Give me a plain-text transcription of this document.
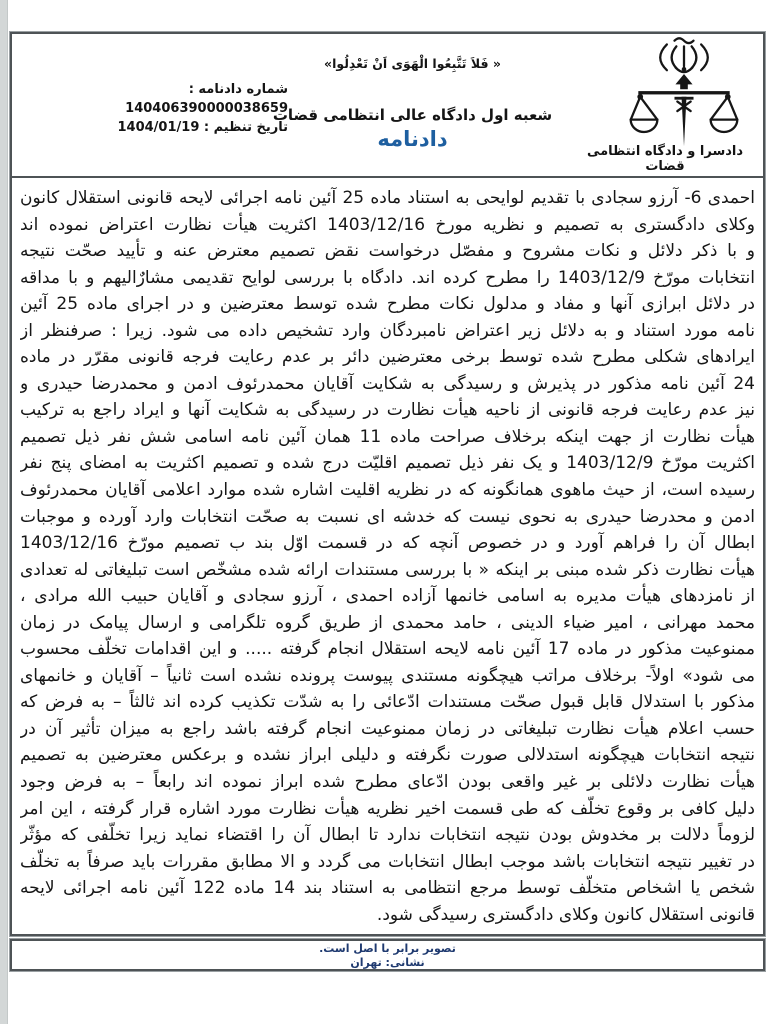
«فَلاَ تَتَّبِعُوا الْهَوَی اَنْ تَعْدِلُوا »
شماره دادنامه : 140406390000038659
تاریخ تنظیم : 1404/01/19
شعبه اول دادگاه عالی انتظامی قضات
دادنامه
دادسرا و دادگاه انتظامی قضات
احمدی 6- آرزو سجادی با تقدیم لوایحی به استناد ماده 25 آئین نامه اجرائی لایحه قانونی استقلال کانون
وکلای دادگستری به تصمیم و نظریه مورخ 1403/12/16 اکثریت هیأت نظارت اعتراض نموده اند
و با ذکر دلائل و نکات مشروح و مفصّل درخواست نقض تصمیم معترض عنه و تأیید صحّت نتیجه
انتخابات مورّخ 1403/12/9 را مطرح کرده اند. دادگاه با بررسی لوایح تقدیمی مشارٌالیهم و با مداقه
در دلائل ابرازی آنها و مفاد و مدلول نکات مطرح شده توسط معترضین و در اجرای ماده 25 آئین
نامه مورد استناد و به دلائل زیر اعتراض نامبردگان وارد تشخیص داده می شود. زیرا : صرفنظر از
ایرادهای شکلی مطرح شده توسط برخی معترضین دائر بر عدم رعایت فرجه قانونی مقرّر در ماده
24 آئین نامه مذکور در پذیرش و رسیدگی به شکایت آقایان محمدرئوف ادمن و محمدرضا حیدری و
نیز عدم رعایت فرجه قانونی از ناحیه هیأت نظارت در رسیدگی به شکایت آنها و ایراد راجع به ترکیب
هیأت نظارت از جهت اینکه برخلاف صراحت ماده 11 همان آئین نامه اسامی شش نفر ذیل تصمیم
اکثریت مورّخ 1403/12/9 و یک نفر ذیل تصمیم اقلیّت درج شده و تصمیم اکثریت به امضای پنج نفر
رسیده است، از حیث ماهوی همانگونه که در نظریه اقلیت اشاره شده موارد اعلامی آقایان محمدرئوف
ادمن و محدرضا حیدری به نحوی نیست که خدشه ای نسبت به صحّت انتخابات وارد آورده و موجبات
ابطال آن را فراهم آورد و در خصوص آنچه که در قسمت اوّل بند ب تصمیم مورّخ 1403/12/16
هیأت نظارت ذکر شده مبنی بر اینکه « با بررسی مستندات ارائه شده مشخّص است تبلیغاتی له تعدادی
از نامزدهای هیأت مدیره به اسامی خانمها آزاده احمدی ، آرزو سجادی و آقایان حبیب الله مرادی ،
محمد مهرانی ، امیر ضیاء الدینی ، حامد محمدی از طریق گروه تلگرامی و ارسال پیامک در زمان
ممنوعیت مذکور در ماده 17 آئین نامه لایحه استقلال انجام گرفته ..... و این اقدامات تخلّف محسوب
می شود» اولاً- برخلاف مراتب هیچگونه مستندی پیوست پرونده نشده است ثانیاً – آقایان و خانمهای
مذکور با استدلال قابل قبول صحّت مستندات ادّعائی را به شدّت تکذیب کرده اند ثالثاً – به فرض که
حسب اعلام هیأت نظارت تبلیغاتی در زمان ممنوعیت انجام گرفته باشد راجع به میزان تأثیر آن در
نتیجه انتخابات هیچگونه استدلالی صورت نگرفته و دلیلی ابراز نشده و برعکس معترضین به تصمیم
هیأت نظارت دلائلی بر غیر واقعی بودن ادّعای مطرح شده ابراز نموده اند رابعاً – به فرض وجود
دلیل کافی بر وقوع تخلّف که طی قسمت اخیر نظریه هیأت نظارت مورد اشاره قرار گرفته ، این امر
لزوماً دلالت بر مخدوش بودن نتیجه انتخابات ندارد تا ابطال آن را اقتضاء نماید زیرا تخلّفی که مؤثّر
در تغییر نتیجه انتخابات باشد موجب ابطال انتخابات می گردد و الا مطابق مقررات باید صرفاً به تخلّف
شخص یا اشخاص متخلّف توسط مرجع انتظامی به استناد بند 14 ماده 122 آئین نامه اجرائی لایحه
قانونی استقلال کانون وکلای دادگستری رسیدگی شود.
تصویر برابر با اصل است.
نشانی: تهران
